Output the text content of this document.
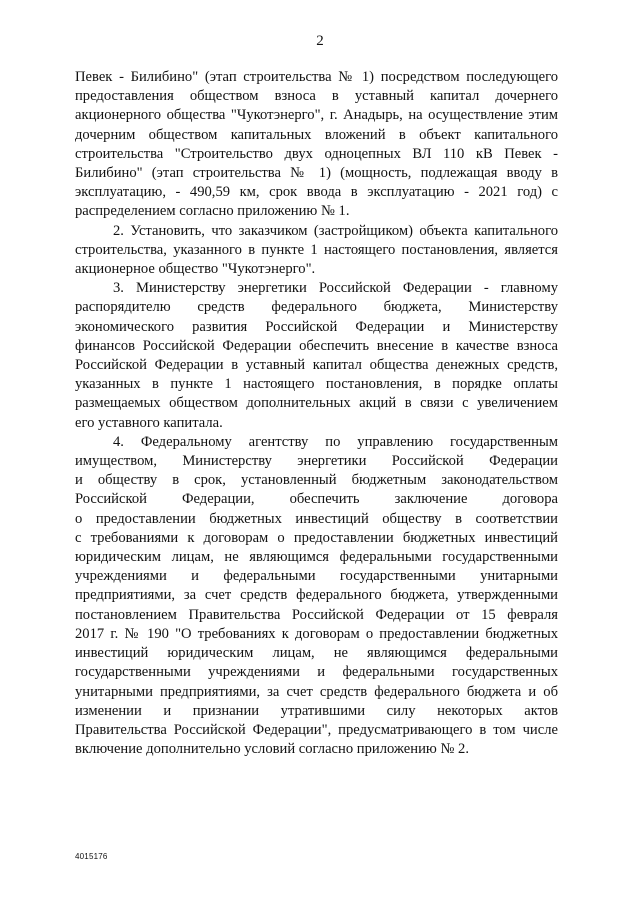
2
Певек - Билибино" (этап строительства № 1) посредством последующего
предоставления обществом взноса в уставный капитал дочернего
акционерного общества "Чукотэнерго", г. Анадырь, на осуществление этим
дочерним обществом капитальных вложений в объект капитального
строительства "Строительство двух одноцепных ВЛ 110 кВ Певек -
Билибино" (этап строительства № 1) (мощность, подлежащая вводу в
эксплуатацию, - 490,59 км, срок ввода в эксплуатацию - 2021 год) с
распределением согласно приложению № 1.
2. Установить, что заказчиком (застройщиком) объекта капитального
строительства, указанного в пункте 1 настоящего постановления, является
акционерное общество "Чукотэнерго".
3. Министерству энергетики Российской Федерации - главному
распорядителю средств федерального бюджета, Министерству
экономического развития Российской Федерации и Министерству
финансов Российской Федерации обеспечить внесение в качестве взноса
Российской Федерации в уставный капитал общества денежных средств,
указанных в пункте 1 настоящего постановления, в порядке оплаты
размещаемых обществом дополнительных акций в связи с увеличением
его уставного капитала.
4. Федеральному агентству по управлению государственным
имуществом, Министерству энергетики Российской Федерации
и обществу в срок, установленный бюджетным законодательством
Российской Федерации, обеспечить заключение договора
о предоставлении бюджетных инвестиций обществу в соответствии
с требованиями к договорам о предоставлении бюджетных инвестиций
юридическим лицам, не являющимся федеральными государственными
учреждениями и федеральными государственными унитарными
предприятиями, за счет средств федерального бюджета, утвержденными
постановлением Правительства Российской Федерации от 15 февраля
2017 г. № 190 "О требованиях к договорам о предоставлении бюджетных
инвестиций юридическим лицам, не являющимся федеральными
государственными учреждениями и федеральными государственных
унитарными предприятиями, за счет средств федерального бюджета и об
изменении и признании утратившими силу некоторых актов
Правительства Российской Федерации", предусматривающего в том числе
включение дополнительно условий согласно приложению № 2.
4015176
